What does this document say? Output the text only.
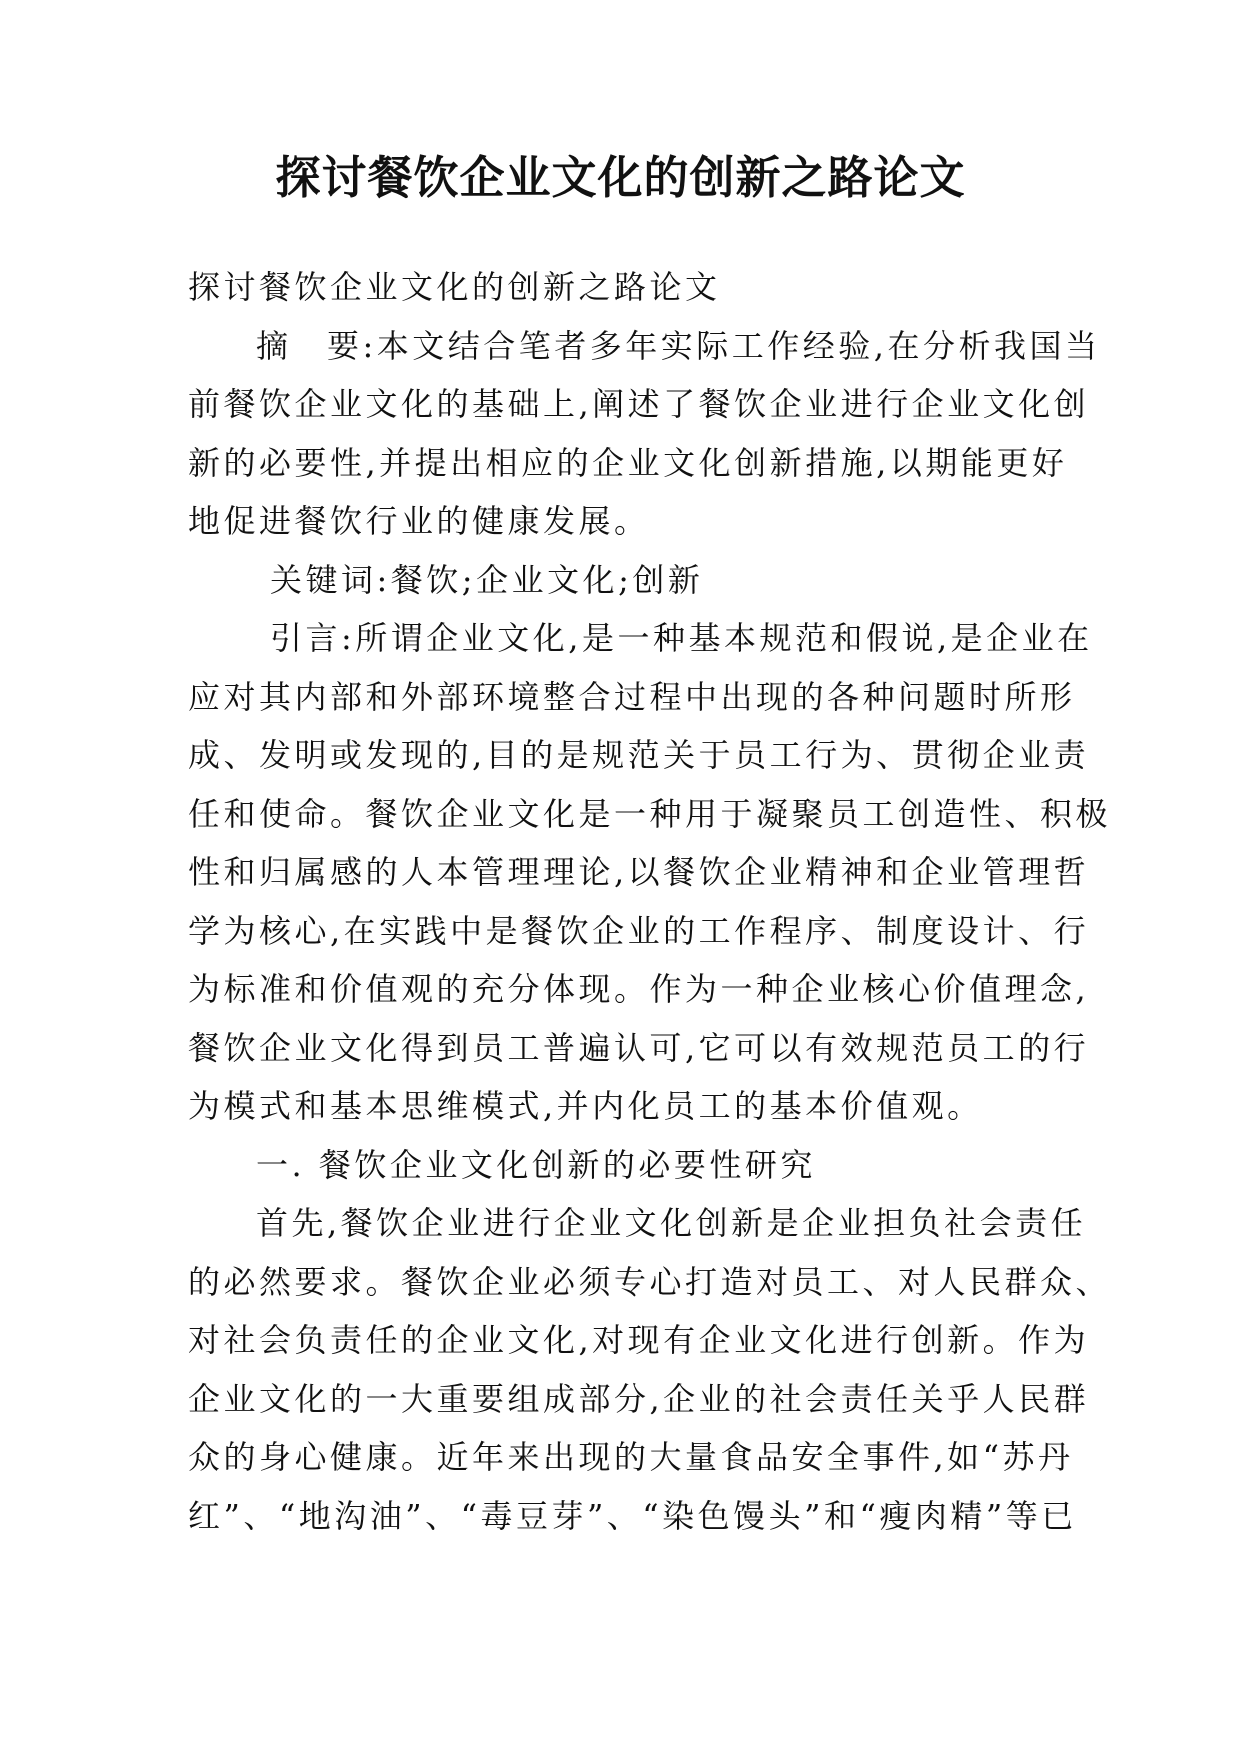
探讨餐饮企业文化的创新之路论文
探讨餐饮企业文化的创新之路论文
摘　要:本文结合笔者多年实际工作经验,在分析我国当
前餐饮企业文化的基础上,阐述了餐饮企业进行企业文化创
新的必要性,并提出相应的企业文化创新措施,以期能更好
地促进餐饮行业的健康发展。
关键词:餐饮;企业文化;创新
引言:所谓企业文化,是一种基本规范和假说,是企业在
应对其内部和外部环境整合过程中出现的各种问题时所形
成、发明或发现的,目的是规范关于员工行为、贯彻企业责
任和使命。餐饮企业文化是一种用于凝聚员工创造性、积极
性和归属感的人本管理理论,以餐饮企业精神和企业管理哲
学为核心,在实践中是餐饮企业的工作程序、制度设计、行
为标准和价值观的充分体现。作为一种企业核心价值理念,
餐饮企业文化得到员工普遍认可,它可以有效规范员工的行
为模式和基本思维模式,并内化员工的基本价值观。
一. 餐饮企业文化创新的必要性研究
首先,餐饮企业进行企业文化创新是企业担负社会责任
的必然要求。餐饮企业必须专心打造对员工、对人民群众、
对社会负责任的企业文化,对现有企业文化进行创新。作为
企业文化的一大重要组成部分,企业的社会责任关乎人民群
众的身心健康。近年来出现的大量食品安全事件,如“苏丹
红”、“地沟油”、“毒豆芽”、“染色馒头”和“瘦肉精”等已
